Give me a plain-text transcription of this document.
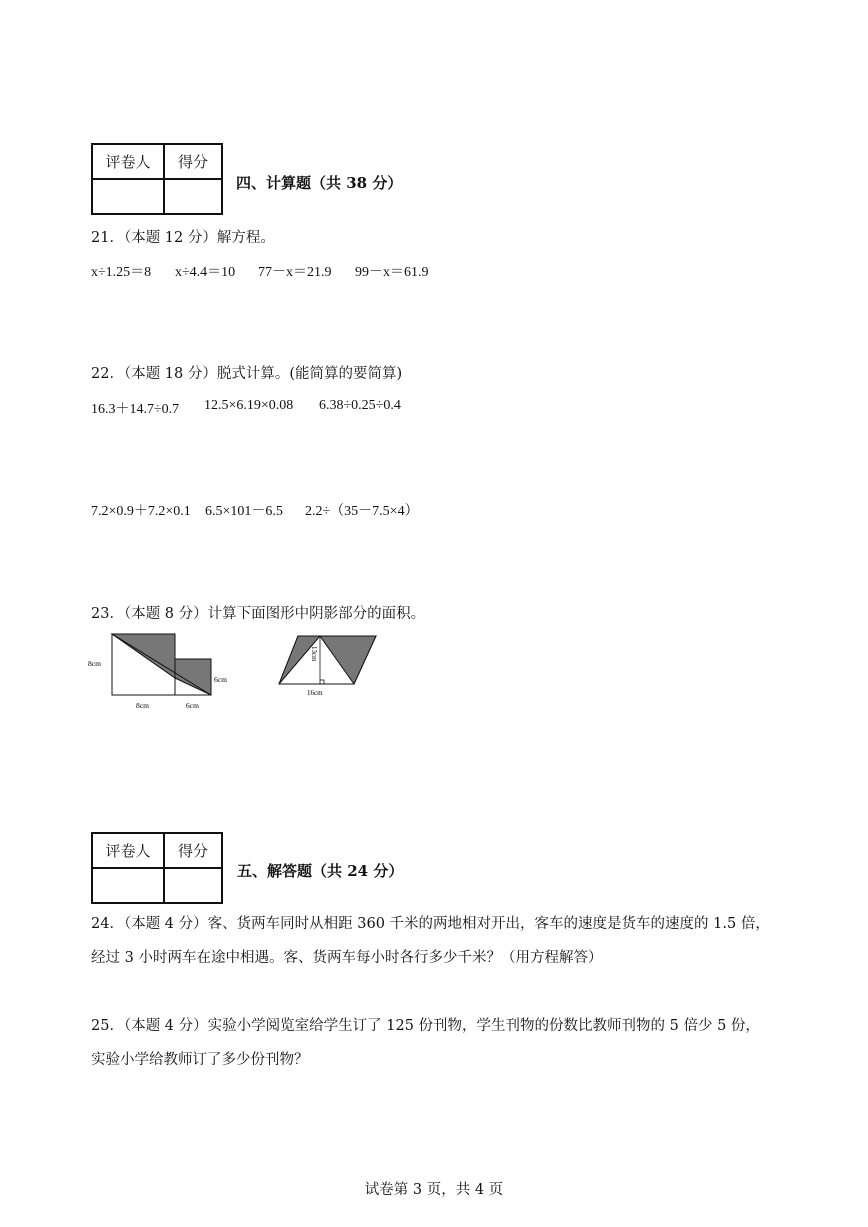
评卷人	得分

四、计算题（共 38 分）
21．（本题 12 分）解方程。
x÷1.25＝8 x÷4.4＝10 77－x＝21.9 99－x＝61.9
22．（本题 18 分）脱式计算。(能简算的要简算)
16.3＋14.7÷0.7 12.5×6.19×0.08 6.38÷0.25÷0.4
7.2×0.9＋7.2×0.1 6.5×101－6.5 2.2÷（35－7.5×4）
23．（本题 8 分）计算下面图形中阴影部分的面积。
8cm
6cm
8cm	6cm
13cm
16cm
评卷人	得分

五、解答题（共 24 分）
24．（本题 4 分）客、货两车同时从相距 360 千米的两地相对开出，客车的速度是货车的速度的 1.5 倍，
经过 3 小时两车在途中相遇。客、货两车每小时各行多少千米？（用方程解答）
25．（本题 4 分）实验小学阅览室给学生订了 125 份刊物，学生刊物的份数比教师刊物的 5 倍少 5 份，
实验小学给教师订了多少份刊物？
试卷第 3 页，共 4 页
